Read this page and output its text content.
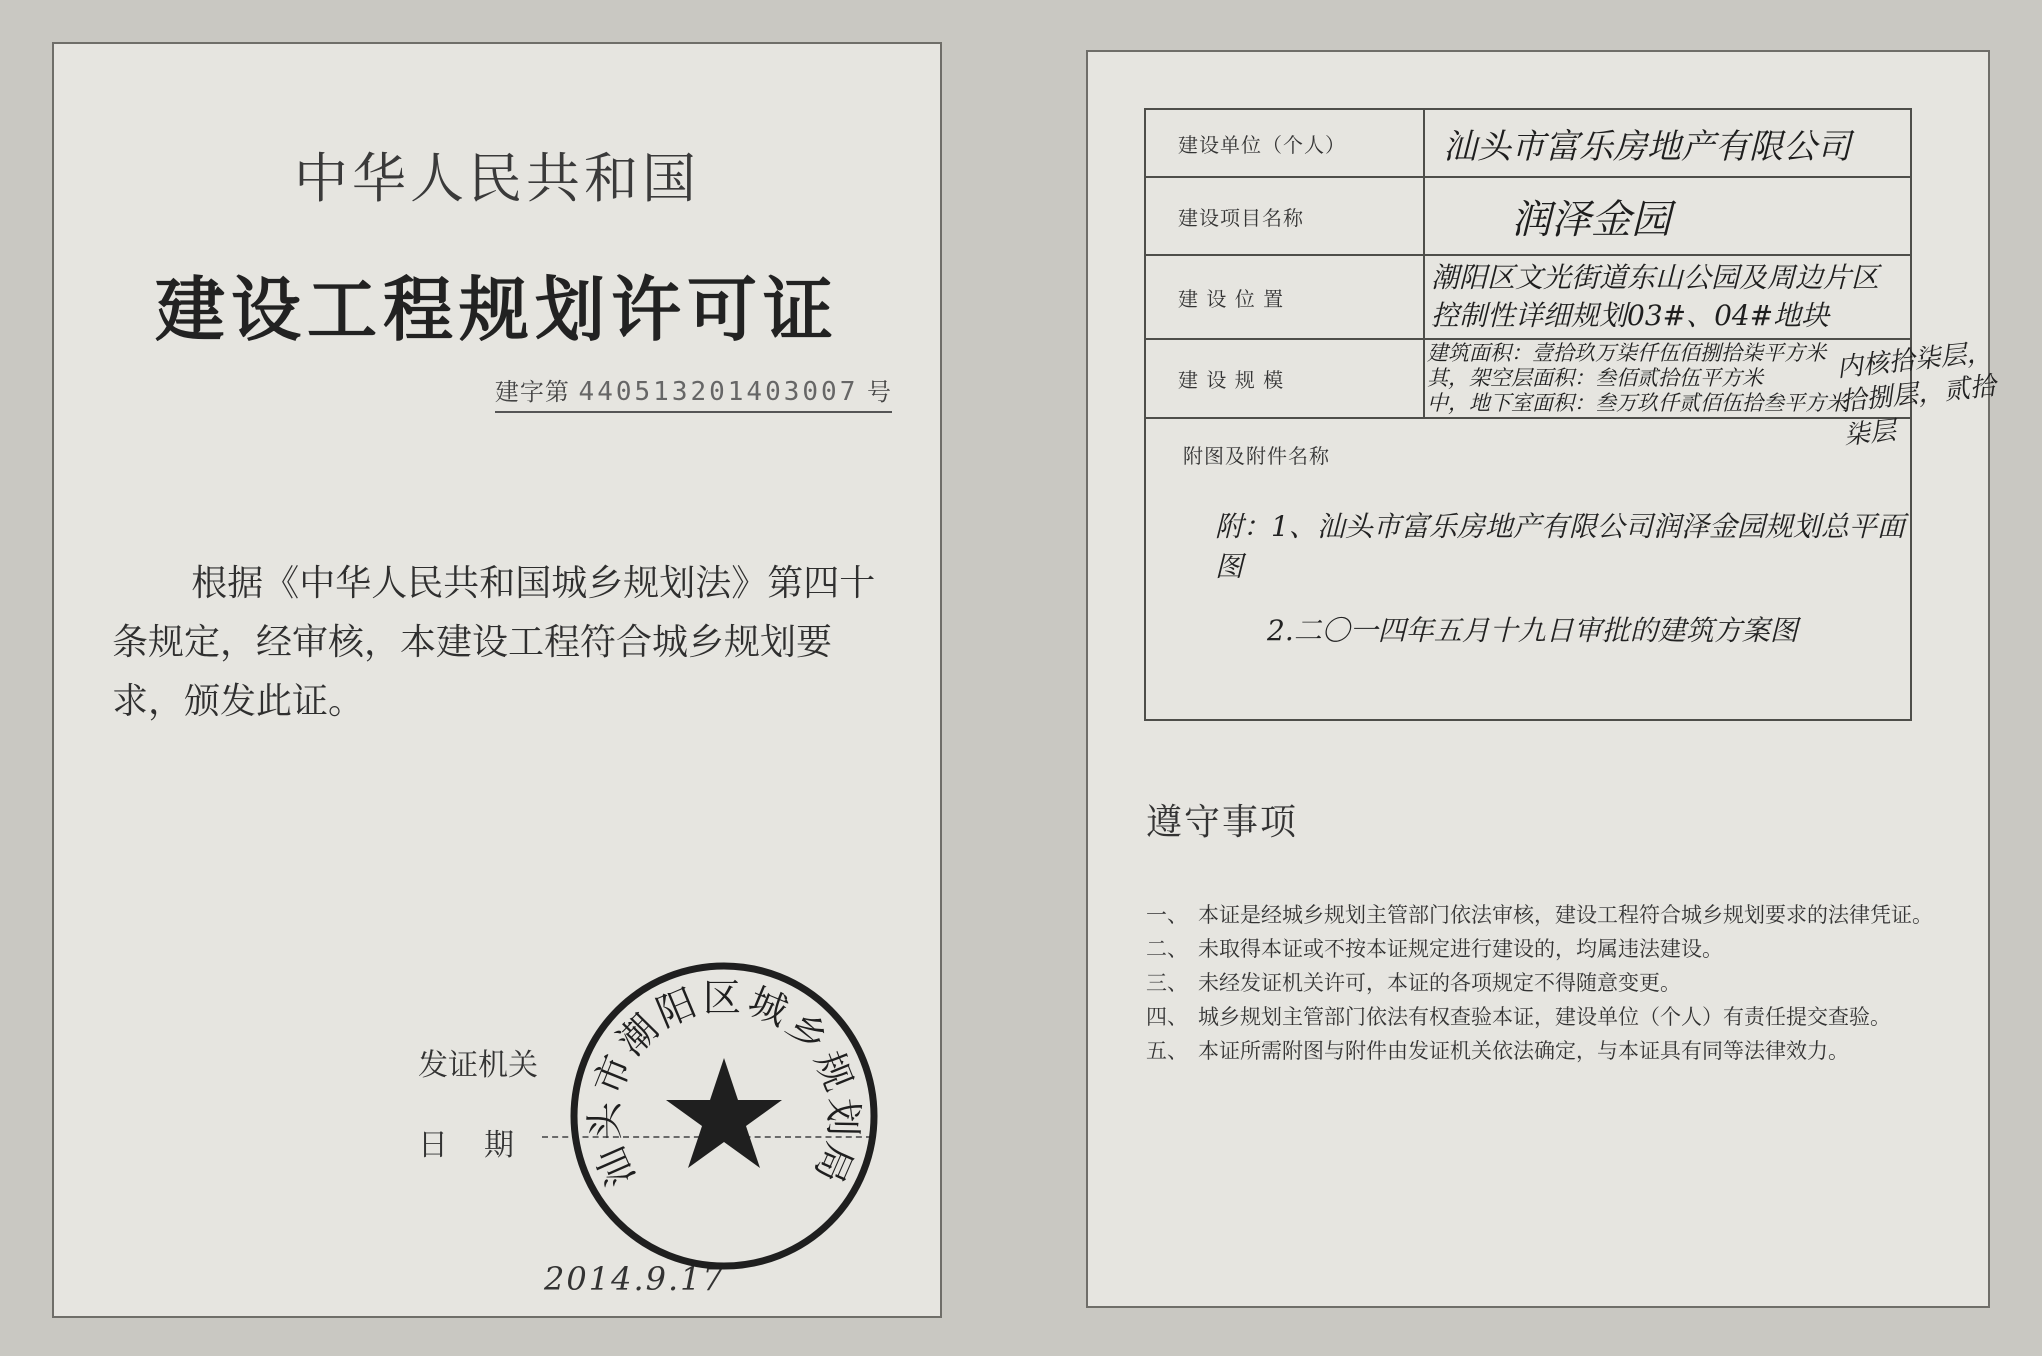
中华人民共和国
建设工程规划许可证
建字第 440513201403007 号
根据《中华人民共和国城乡规划法》第四十条规定，经审核，本建设工程符合城乡规划要求，颁发此证。
发证机关
日　期
2014.9.17
汕头市潮阳区城乡规划局
建设单位（个人）	汕头市富乐房地产有限公司
建设项目名称	润泽金园
建 设 位 置	潮阳区文光街道东山公园及周边片区
控制性详细规划03#、04#地块

建 设 规 模	建筑面积：壹拾玖万柒仟伍佰捌拾柒平方米
其，架空层面积：叁佰贰拾伍平方米
中，地下室面积：叁万玖仟贰佰伍拾叁平方米

附图及附件名称
附：1、汕头市富乐房地产有限公司润泽金园规划总平面图
2.二〇一四年五月十九日审批的建筑方案图	
内核拾柒层，拾捌层，贰拾柒层
遵守事项
一、 本证是经城乡规划主管部门依法审核，建设工程符合城乡规划要求的法律凭证。
二、 未取得本证或不按本证规定进行建设的，均属违法建设。
三、 未经发证机关许可，本证的各项规定不得随意变更。
四、 城乡规划主管部门依法有权查验本证，建设单位（个人）有责任提交查验。
五、 本证所需附图与附件由发证机关依法确定，与本证具有同等法律效力。
